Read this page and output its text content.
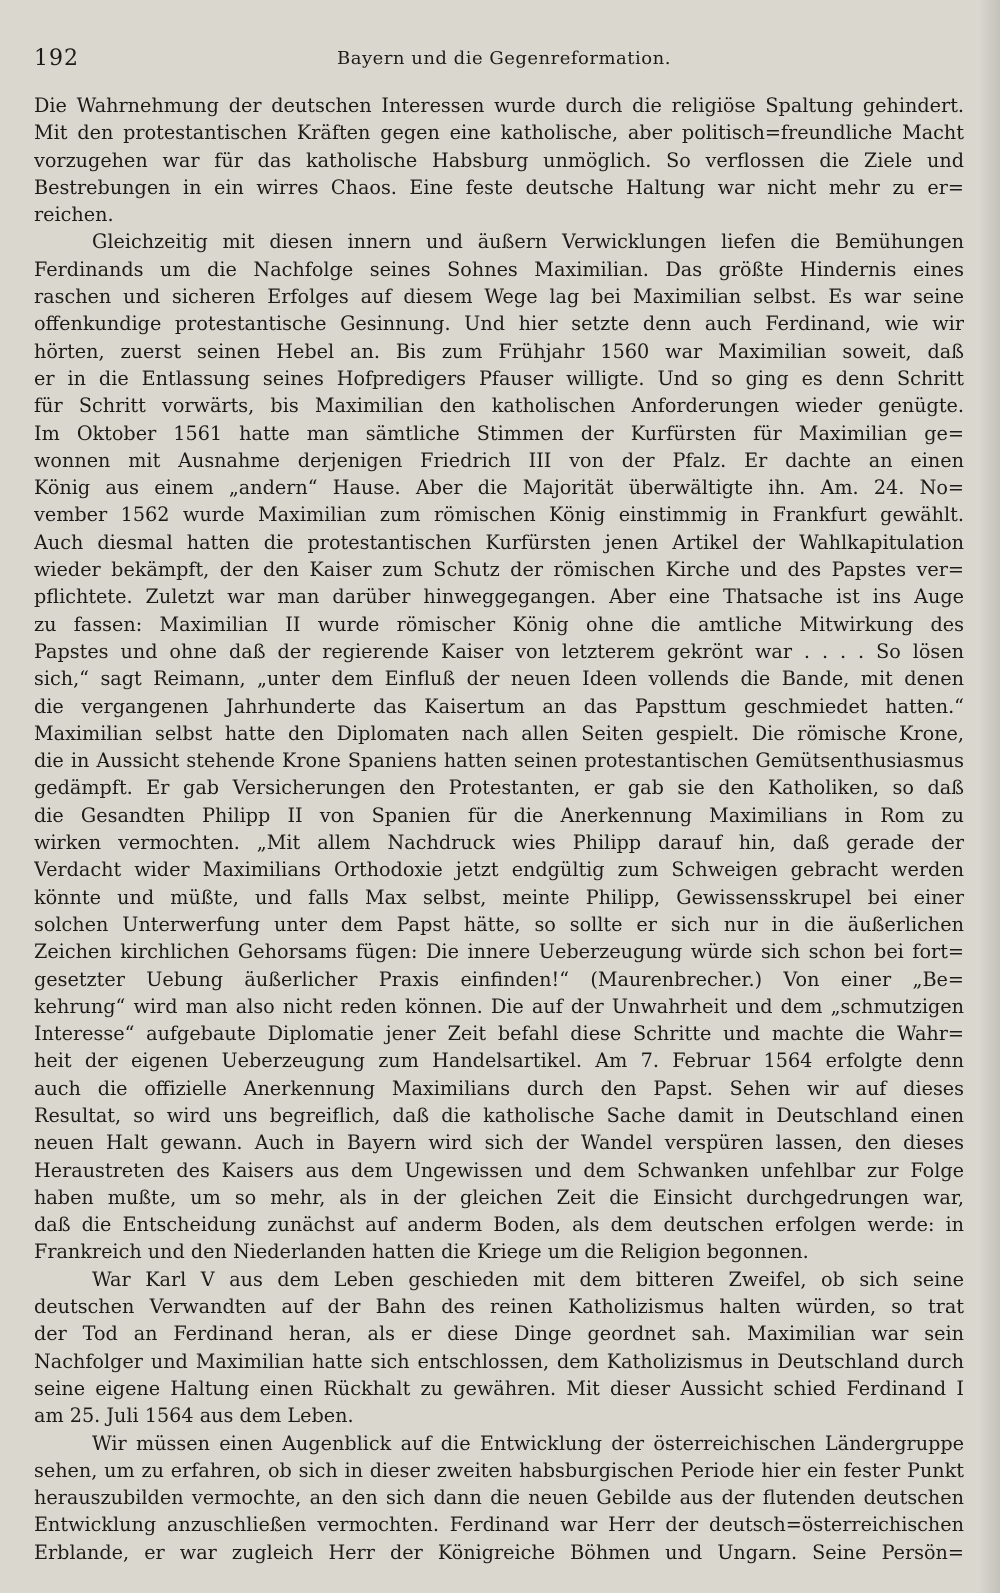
192	Bayern und die Gegenreformation.
Die Wahrnehmung der deutschen Interessen wurde durch die religiöse Spaltung gehindert.
Mit den protestantischen Kräften gegen eine katholische, aber politisch=freundliche Macht
vorzugehen war für das katholische Habsburg unmöglich. So verflossen die Ziele und
Bestrebungen in ein wirres Chaos. Eine feste deutsche Haltung war nicht mehr zu er=
reichen.
Gleichzeitig mit diesen innern und äußern Verwicklungen liefen die Bemühungen
Ferdinands um die Nachfolge seines Sohnes Maximilian. Das größte Hindernis eines
raschen und sicheren Erfolges auf diesem Wege lag bei Maximilian selbst. Es war seine
offenkundige protestantische Gesinnung. Und hier setzte denn auch Ferdinand, wie wir
hörten, zuerst seinen Hebel an. Bis zum Frühjahr 1560 war Maximilian soweit, daß
er in die Entlassung seines Hofpredigers Pfauser willigte. Und so ging es denn Schritt
für Schritt vorwärts, bis Maximilian den katholischen Anforderungen wieder genügte.
Im Oktober 1561 hatte man sämtliche Stimmen der Kurfürsten für Maximilian ge=
wonnen mit Ausnahme derjenigen Friedrich III von der Pfalz. Er dachte an einen
König aus einem „andern“ Hause. Aber die Majorität überwältigte ihn. Am. 24. No=
vember 1562 wurde Maximilian zum römischen König einstimmig in Frankfurt gewählt.
Auch diesmal hatten die protestantischen Kurfürsten jenen Artikel der Wahlkapitulation
wieder bekämpft, der den Kaiser zum Schutz der römischen Kirche und des Papstes ver=
pflichtete. Zuletzt war man darüber hinweggegangen. Aber eine Thatsache ist ins Auge
zu fassen: Maximilian II wurde römischer König ohne die amtliche Mitwirkung des
Papstes und ohne daß der regierende Kaiser von letzterem gekrönt war . . . . So lösen
sich,“ sagt Reimann, „unter dem Einfluß der neuen Ideen vollends die Bande, mit denen
die vergangenen Jahrhunderte das Kaisertum an das Papsttum geschmiedet hatten.“
Maximilian selbst hatte den Diplomaten nach allen Seiten gespielt. Die römische Krone,
die in Aussicht stehende Krone Spaniens hatten seinen protestantischen Gemütsenthusiasmus
gedämpft. Er gab Versicherungen den Protestanten, er gab sie den Katholiken, so daß
die Gesandten Philipp II von Spanien für die Anerkennung Maximilians in Rom zu
wirken vermochten. „Mit allem Nachdruck wies Philipp darauf hin, daß gerade der
Verdacht wider Maximilians Orthodoxie jetzt endgültig zum Schweigen gebracht werden
könnte und müßte, und falls Max selbst, meinte Philipp, Gewissensskrupel bei einer
solchen Unterwerfung unter dem Papst hätte, so sollte er sich nur in die äußerlichen
Zeichen kirchlichen Gehorsams fügen: Die innere Ueberzeugung würde sich schon bei fort=
gesetzter Uebung äußerlicher Praxis einfinden!“ (Maurenbrecher.) Von einer „Be=
kehrung“ wird man also nicht reden können. Die auf der Unwahrheit und dem „schmutzigen
Interesse“ aufgebaute Diplomatie jener Zeit befahl diese Schritte und machte die Wahr=
heit der eigenen Ueberzeugung zum Handelsartikel. Am 7. Februar 1564 erfolgte denn
auch die offizielle Anerkennung Maximilians durch den Papst. Sehen wir auf dieses
Resultat, so wird uns begreiflich, daß die katholische Sache damit in Deutschland einen
neuen Halt gewann. Auch in Bayern wird sich der Wandel verspüren lassen, den dieses
Heraustreten des Kaisers aus dem Ungewissen und dem Schwanken unfehlbar zur Folge
haben mußte, um so mehr, als in der gleichen Zeit die Einsicht durchgedrungen war,
daß die Entscheidung zunächst auf anderm Boden, als dem deutschen erfolgen werde: in
Frankreich und den Niederlanden hatten die Kriege um die Religion begonnen.
War Karl V aus dem Leben geschieden mit dem bitteren Zweifel, ob sich seine
deutschen Verwandten auf der Bahn des reinen Katholizismus halten würden, so trat
der Tod an Ferdinand heran, als er diese Dinge geordnet sah. Maximilian war sein
Nachfolger und Maximilian hatte sich entschlossen, dem Katholizismus in Deutschland durch
seine eigene Haltung einen Rückhalt zu gewähren. Mit dieser Aussicht schied Ferdinand I
am 25. Juli 1564 aus dem Leben.
Wir müssen einen Augenblick auf die Entwicklung der österreichischen Ländergruppe
sehen, um zu erfahren, ob sich in dieser zweiten habsburgischen Periode hier ein fester Punkt
herauszubilden vermochte, an den sich dann die neuen Gebilde aus der flutenden deutschen
Entwicklung anzuschließen vermochten. Ferdinand war Herr der deutsch=österreichischen
Erblande, er war zugleich Herr der Königreiche Böhmen und Ungarn. Seine Persön=
